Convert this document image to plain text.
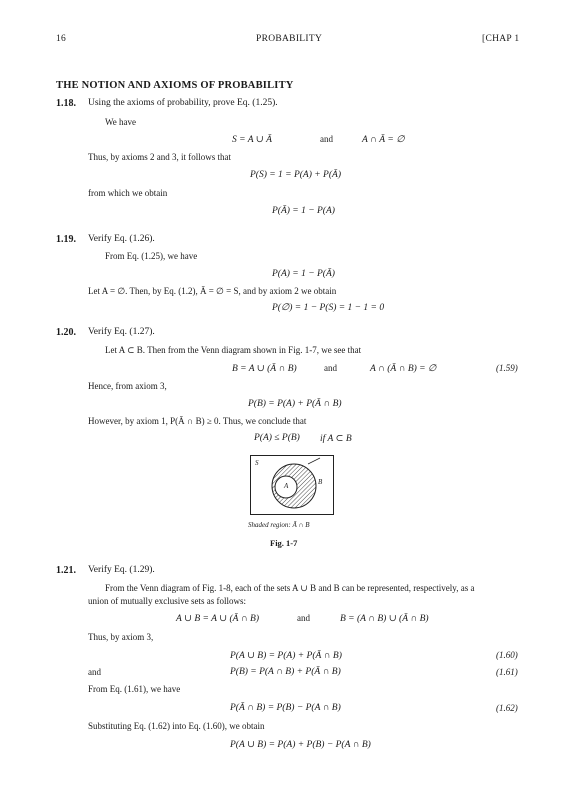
16	PROBABILITY	[CHAP 1
THE NOTION AND AXIOMS OF PROBABILITY
1.18. Using the axioms of probability, prove Eq. (1.25).
We have
S = A ∪ Ā	and	A ∩ Ā = ∅
Thus, by axioms 2 and 3, it follows that
P(S) = 1 = P(A) + P(Ā)
from which we obtain
P(Ā) = 1 − P(A)
1.19. Verify Eq. (1.26).
From Eq. (1.25), we have
P(A) = 1 − P(Ā)
Let A = ∅. Then, by Eq. (1.2), Ā = ∅ = S, and by axiom 2 we obtain
P(∅) = 1 − P(S) = 1 − 1 = 0
1.20. Verify Eq. (1.27).
Let A ⊂ B. Then from the Venn diagram shown in Fig. 1-7, we see that
B = A ∪ (Ā ∩ B)	and	A ∩ (Ā ∩ B) = ∅	(1.59)
Hence, from axiom 3,
P(B) = P(A) + P(Ā ∩ B)
However, by axiom 1, P(Ā ∩ B) ≥ 0. Thus, we conclude that
P(A) ≤ P(B) if A ⊂ B
S
A	B
Shaded region: Ā ∩ B
Fig. 1-7
1.21. Verify Eq. (1.29).
From the Venn diagram of Fig. 1-8, each of the sets A ∪ B and B can be represented, respectively, as a
union of mutually exclusive sets as follows:
A ∪ B = A ∪ (Ā ∩ B)	and	B = (A ∩ B) ∪ (Ā ∩ B)
Thus, by axiom 3,
P(A ∪ B) = P(A) + P(Ā ∩ B)	(1.60)
and	P(B) = P(A ∩ B) + P(Ā ∩ B)	(1.61)
From Eq. (1.61), we have
P(Ā ∩ B) = P(B) − P(A ∩ B)	(1.62)
Substituting Eq. (1.62) into Eq. (1.60), we obtain
P(A ∪ B) = P(A) + P(B) − P(A ∩ B)
